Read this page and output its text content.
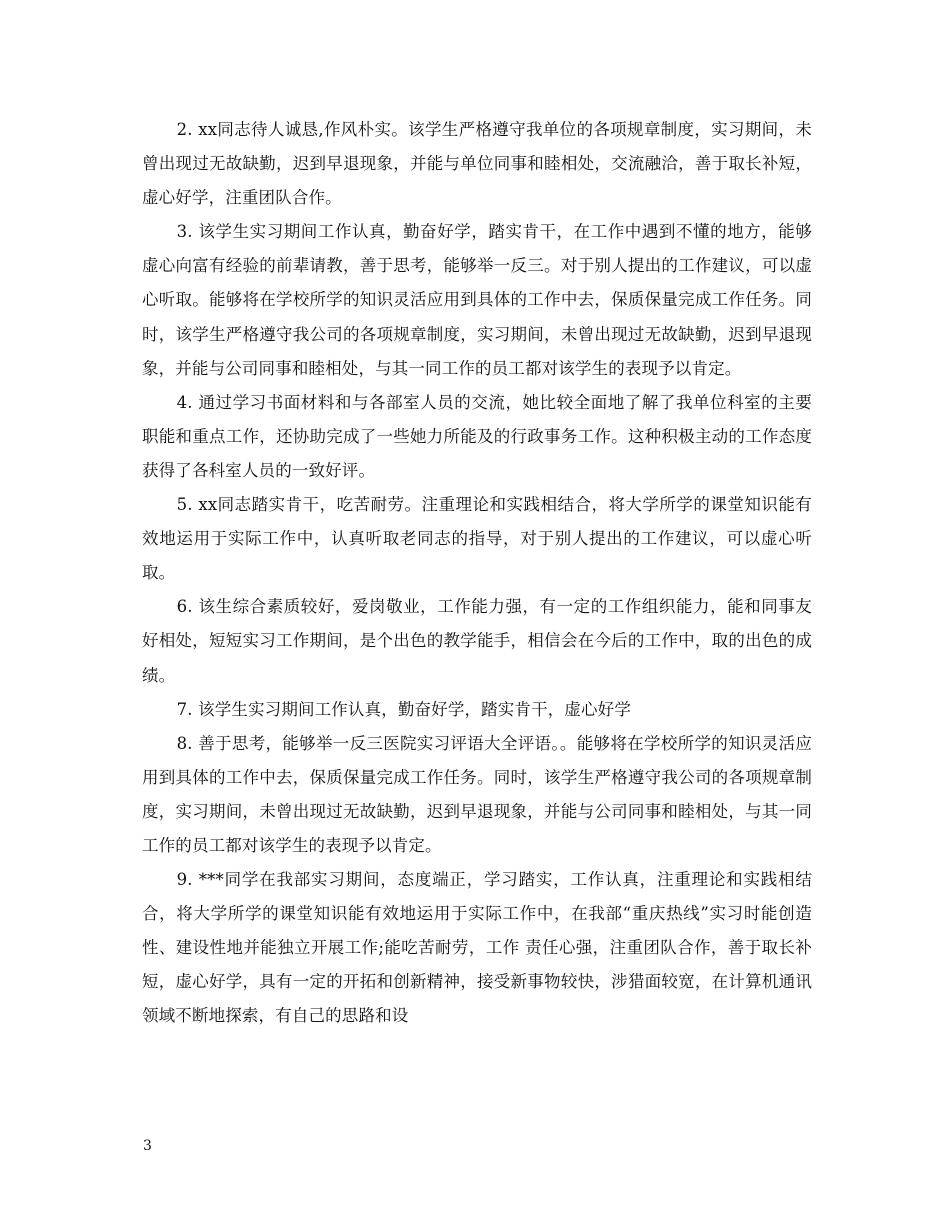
2. xx同志待人诚恳,作风朴实。该学生严格遵守我单位的各项规章制度，实习期间，未曾出现过无故缺勤，迟到早退现象，并能与单位同事和睦相处，交流融洽，善于取长补短，虚心好学，注重团队合作。

3. 该学生实习期间工作认真，勤奋好学，踏实肯干，在工作中遇到不懂的地方，能够虚心向富有经验的前辈请教，善于思考，能够举一反三。对于别人提出的工作建议，可以虚心听取。能够将在学校所学的知识灵活应用到具体的工作中去，保质保量完成工作任务。同时，该学生严格遵守我公司的各项规章制度，实习期间，未曾出现过无故缺勤，迟到早退现象，并能与公司同事和睦相处，与其一同工作的员工都对该学生的表现予以肯定。

4. 通过学习书面材料和与各部室人员的交流，她比较全面地了解了我单位科室的主要职能和重点工作，还协助完成了一些她力所能及的行政事务工作。这种积极主动的工作态度获得了各科室人员的一致好评。

5. xx同志踏实肯干，吃苦耐劳。注重理论和实践相结合，将大学所学的课堂知识能有效地运用于实际工作中，认真听取老同志的指导，对于别人提出的工作建议，可以虚心听取。

6. 该生综合素质较好，爱岗敬业，工作能力强，有一定的工作组织能力，能和同事友好相处，短短实习工作期间，是个出色的教学能手，相信会在今后的工作中，取的出色的成绩。

7. 该学生实习期间工作认真，勤奋好学，踏实肯干，虚心好学

8. 善于思考，能够举一反三医院实习评语大全评语。。能够将在学校所学的知识灵活应用到具体的工作中去，保质保量完成工作任务。同时，该学生严格遵守我公司的各项规章制度，实习期间，未曾出现过无故缺勤，迟到早退现象，并能与公司同事和睦相处，与其一同工作的员工都对该学生的表现予以肯定。

9. ***同学在我部实习期间，态度端正，学习踏实，工作认真，注重理论和实践相结合，将大学所学的课堂知识能有效地运用于实际工作中，在我部“重庆热线”实习时能创造性、建设性地并能独立开展工作;能吃苦耐劳，工作 责任心强，注重团队合作，善于取长补短，虚心好学，具有一定的开拓和创新精神，接受新事物较快，涉猎面较宽，在计算机通讯领域不断地探索，有自己的思路和设

3
